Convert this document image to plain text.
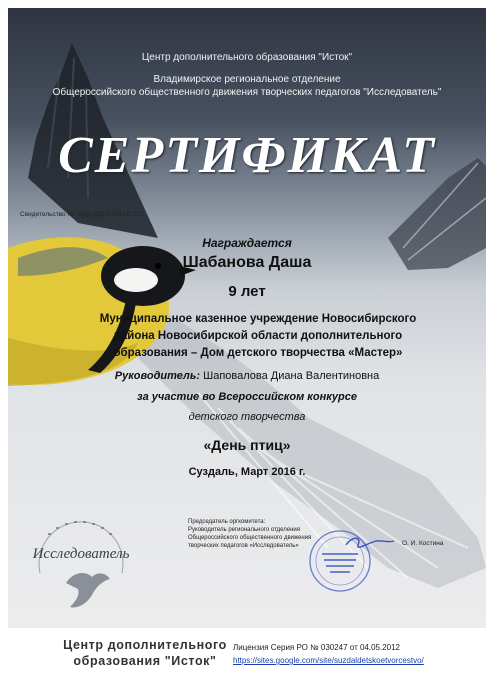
Центр дополнительного образования "Исток"
Владимирское региональное отделение
Общероссийского общественного движения творческих педагогов "Исследователь"
СЕРТИФИКАТ
Свидетельство №: ЦДО-ДО-ПТИЦ-С-171
Награждается
Шабанова Даша
9 лет
Муниципальное казенное учреждение Новосибирского
района Новосибирской области дополнительного
образования – Дом детского творчества «Мастер»
Руководитель: Шаповалова Диана Валентиновна
за участие во Всероссийском конкурсе
детского творчества
«День птиц»
Суздаль, Март 2016 г.
Исследователь
Председатель оргкомитета:
Руководитель регионального отделения
Общероссийского общественного движения
творческих педагогов «Исследователь»	О. И. Костина
Центр дополнительного
образования "Исток"
Лицензия Серия РО № 030247 от 04.05.2012
https://sites.google.com/site/suzdaldetskoetvorcestvo/
